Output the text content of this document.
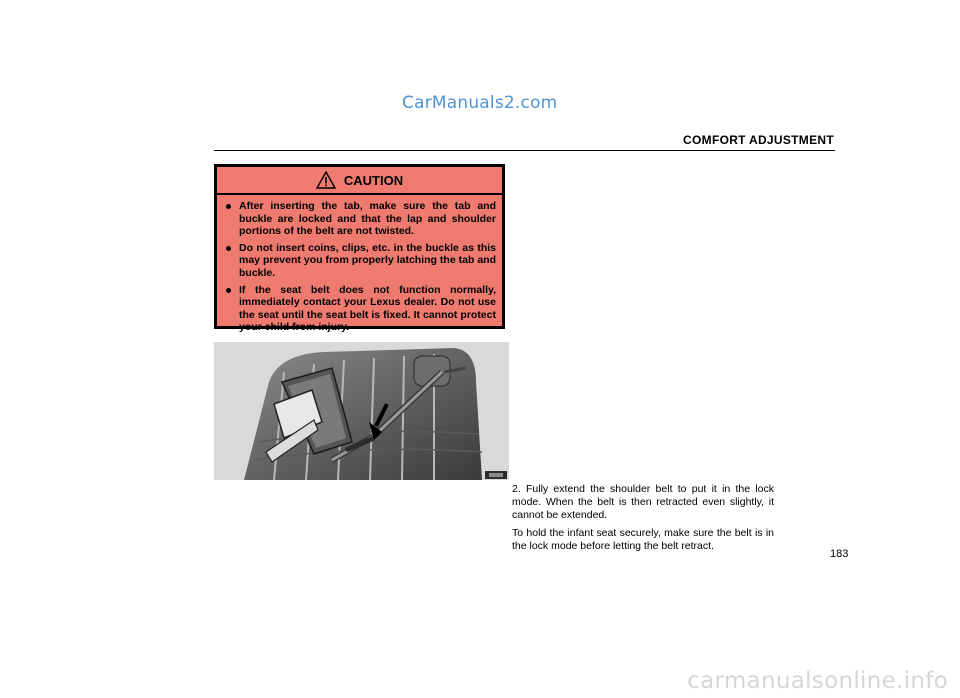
CarManuals2.com
COMFORT ADJUSTMENT
CAUTION
After inserting the tab, make sure the tab and buckle are locked and that the lap and shoulder portions of the belt are not twisted.
Do not insert coins, clips, etc. in the buckle as this may prevent you from properly latching the tab and buckle.
If the seat belt does not function normally, immediately contact your Lexus dealer. Do not use the seat until the seat belt is fixed. It cannot protect your child from injury.

2. Fully extend the shoulder belt to put it in the lock mode. When the belt is then retracted even slightly, it cannot be extended.

To hold the infant seat securely, make sure the belt is in the lock mode before letting the belt retract.

183
carmanualsonline.info
